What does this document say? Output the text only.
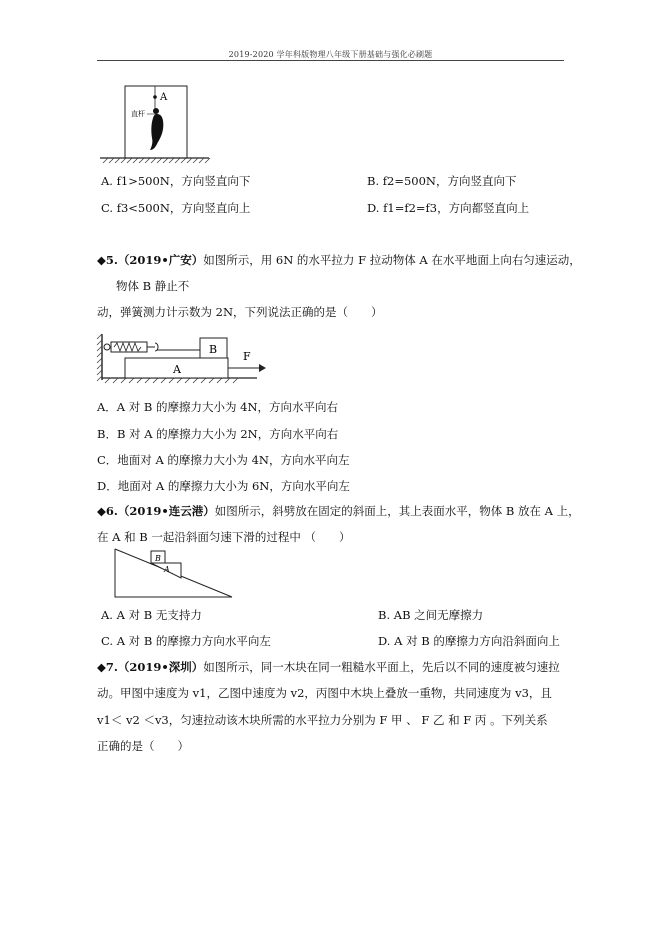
2019-2020 学年科版物理八年级下册基础与强化必刷题
A
直杆
A. f1>500N，方向竖直向下	B. f2=500N，方向竖直向下
C. f3<500N，方向竖直向上	D. f1=f2=f3，方向都竖直向上
◆5.（2019•广安）如图所示，用 6N 的水平拉力 F 拉动物体 A 在水平地面上向右匀速运动，
物体 B 静止不
动，弹簧测力计示数为 2N，下列说法正确的是（　　）
B
A
F
A．A 对 B 的摩擦力大小为 4N，方向水平向右
B．B 对 A 的摩擦力大小为 2N，方向水平向右
C．地面对 A 的摩擦力大小为 4N，方向水平向左
D．地面对 A 的摩擦力大小为 6N，方向水平向左
◆6.（2019•连云港）如图所示，斜劈放在固定的斜面上，其上表面水平，物体 B 放在 A 上，
在 A 和 B 一起沿斜面匀速下滑的过程中 （　　）
A
B
A. A 对 B 无支持力	B. AB 之间无摩擦力
C. A 对 B 的摩擦力方向水平向左	D. A 对 B 的摩擦力方向沿斜面向上
◆7.（2019•深圳）如图所示，同一木块在同一粗糙水平面上，先后以不同的速度被匀速拉
动。甲图中速度为 v1，乙图中速度为 v2，丙图中木块上叠放一重物，共同速度为 v3，且
v1＜ v2 ＜v3，匀速拉动该木块所需的水平拉力分别为 F 甲 、 F 乙 和 F 丙 。下列关系
正确的是（　　）
